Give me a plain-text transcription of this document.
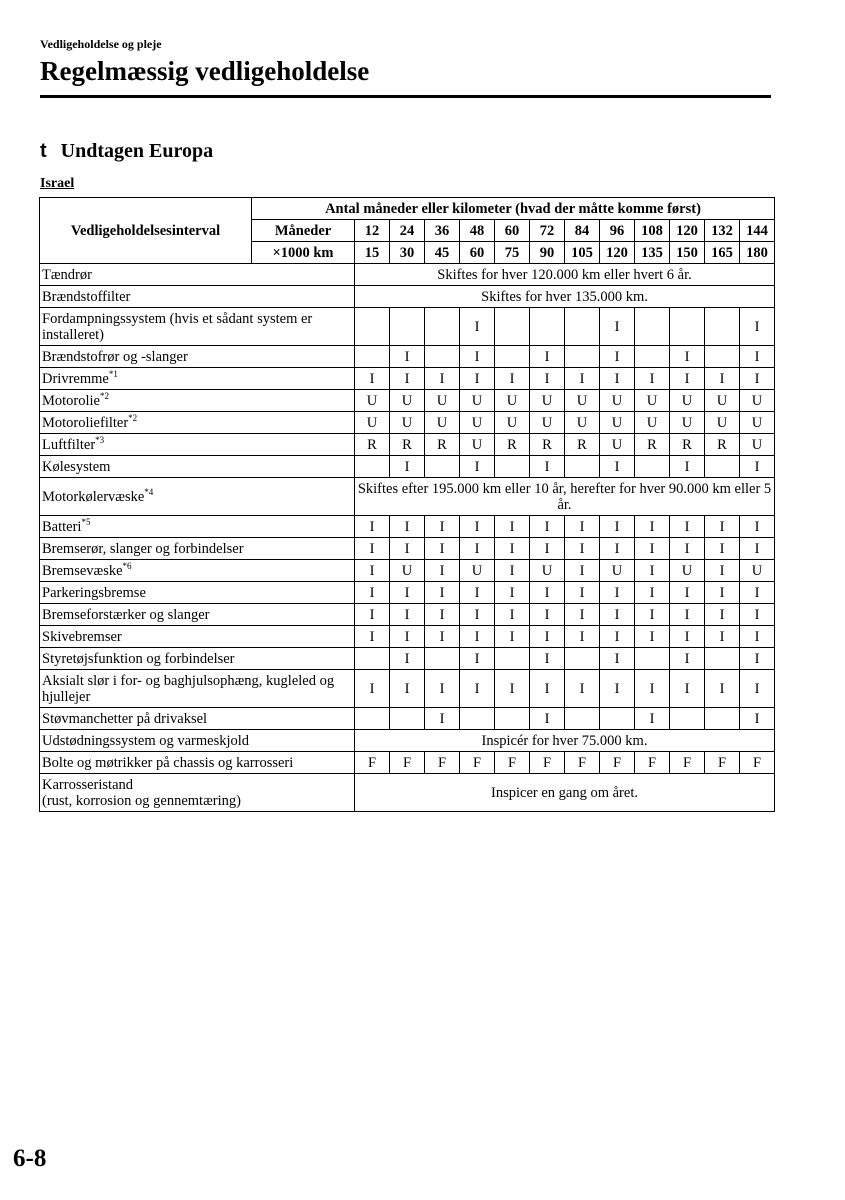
Vedligeholdelse og pleje
Regelmæssig vedligeholdelse
t Undtagen Europa
Israel
Vedligeholdelsesinterval	Antal måneder eller kilometer (hvad der måtte komme først)												
	Måneder	12	24	36	48	60	72	84	96	108	120	132	144
	×1000 km	15	30	45	60	75	90	105	120	135	150	165	180
Tændrør		Skiftes for hver 120.000 km eller hvert 6 år.											
Brændstoffilter		Skiftes for hver 135.000 km.											
Fordampningssystem (hvis et sådant system er installeret)					I				I				I
Brændstofrør og -slanger			I		I		I		I		I		I
Drivremme$^{*1}$		I	I	I	I	I	I	I	I	I	I	I	I
Motorolie$^{*2}$		U	U	U	U	U	U	U	U	U	U	U	U
Motoroliefilter$^{*2}$		U	U	U	U	U	U	U	U	U	U	U	U
Luftfilter$^{*3}$		R	R	R	U	R	R	R	U	R	R	R	U
Kølesystem			I		I		I		I		I		I
Motorkølervæske$^{*4}$		Skiftes efter 195.000 km eller 10 år, herefter for hver 90.000 km eller 5 år.											
Batteri$^{*5}$		I	I	I	I	I	I	I	I	I	I	I	I
Bremserør, slanger og forbindelser		I	I	I	I	I	I	I	I	I	I	I	I
Bremsevæske$^{*6}$		I	U	I	U	I	U	I	U	I	U	I	U
Parkeringsbremse		I	I	I	I	I	I	I	I	I	I	I	I
Bremseforstærker og slanger		I	I	I	I	I	I	I	I	I	I	I	I
Skivebremser		I	I	I	I	I	I	I	I	I	I	I	I
Styretøjsfunktion og forbindelser			I		I		I		I		I		I
Aksialt slør i for- og baghjulsophæng, kugleled og hjullejer		I	I	I	I	I	I	I	I	I	I	I	I
Støvmanchetter på drivaksel				I			I			I			I
Udstødningssystem og varmeskjold		Inspicér for hver 75.000 km.											
Bolte og møtrikker på chassis og karrosseri		F	F	F	F	F	F	F	F	F	F	F	F
Karrosseristand
(rust, korrosion og gennemtæring)		Inspicer en gang om året.											
6-8
